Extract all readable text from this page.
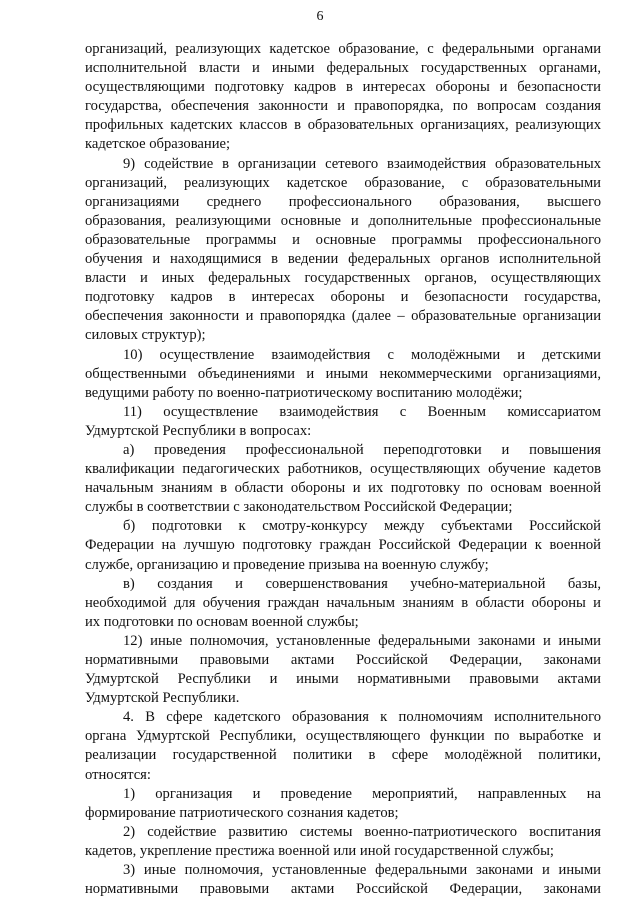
6
организаций, реализующих кадетское образование, с федеральными органами
исполнительной власти и иными федеральных государственных органами,
осуществляющими подготовку кадров в интересах обороны и безопасности
государства, обеспечения законности и правопорядка, по вопросам создания
профильных кадетских классов в образовательных организациях, реализующих
кадетское образование;
9) содействие в организации сетевого взаимодействия образовательных
организаций, реализующих кадетское образование, с образовательными
организациями среднего профессионального образования, высшего
образования, реализующими основные и дополнительные профессиональные
образовательные программы и основные программы профессионального
обучения и находящимися в ведении федеральных органов исполнительной
власти и иных федеральных государственных органов, осуществляющих
подготовку кадров в интересах обороны и безопасности государства,
обеспечения законности и правопорядка (далее – образовательные организации
силовых структур);
10) осуществление взаимодействия с молодёжными и детскими
общественными объединениями и иными некоммерческими организациями,
ведущими работу по военно-патриотическому воспитанию молодёжи;
11) осуществление взаимодействия с Военным комиссариатом
Удмуртской Республики в вопросах:
а) проведения профессиональной переподготовки и повышения
квалификации педагогических работников, осуществляющих обучение кадетов
начальным знаниям в области обороны и их подготовку по основам военной
службы в соответствии с законодательством Российской Федерации;
б) подготовки к смотру-конкурсу между субъектами Российской
Федерации на лучшую подготовку граждан Российской Федерации к военной
службе, организацию и проведение призыва на военную службу;
в) создания и совершенствования учебно-материальной базы,
необходимой для обучения граждан начальным знаниям в области обороны и
их подготовки по основам военной службы;
12) иные полномочия, установленные федеральными законами и иными
нормативными правовыми актами Российской Федерации, законами
Удмуртской Республики и иными нормативными правовыми актами
Удмуртской Республики.
4. В сфере кадетского образования к полномочиям исполнительного
органа Удмуртской Республики, осуществляющего функции по выработке и
реализации государственной политики в сфере молодёжной политики,
относятся:
1) организация и проведение мероприятий, направленных на
формирование патриотического сознания кадетов;
2) содействие развитию системы военно-патриотического воспитания
кадетов, укрепление престижа военной или иной государственной службы;
3) иные полномочия, установленные федеральными законами и иными
нормативными правовыми актами Российской Федерации, законами
